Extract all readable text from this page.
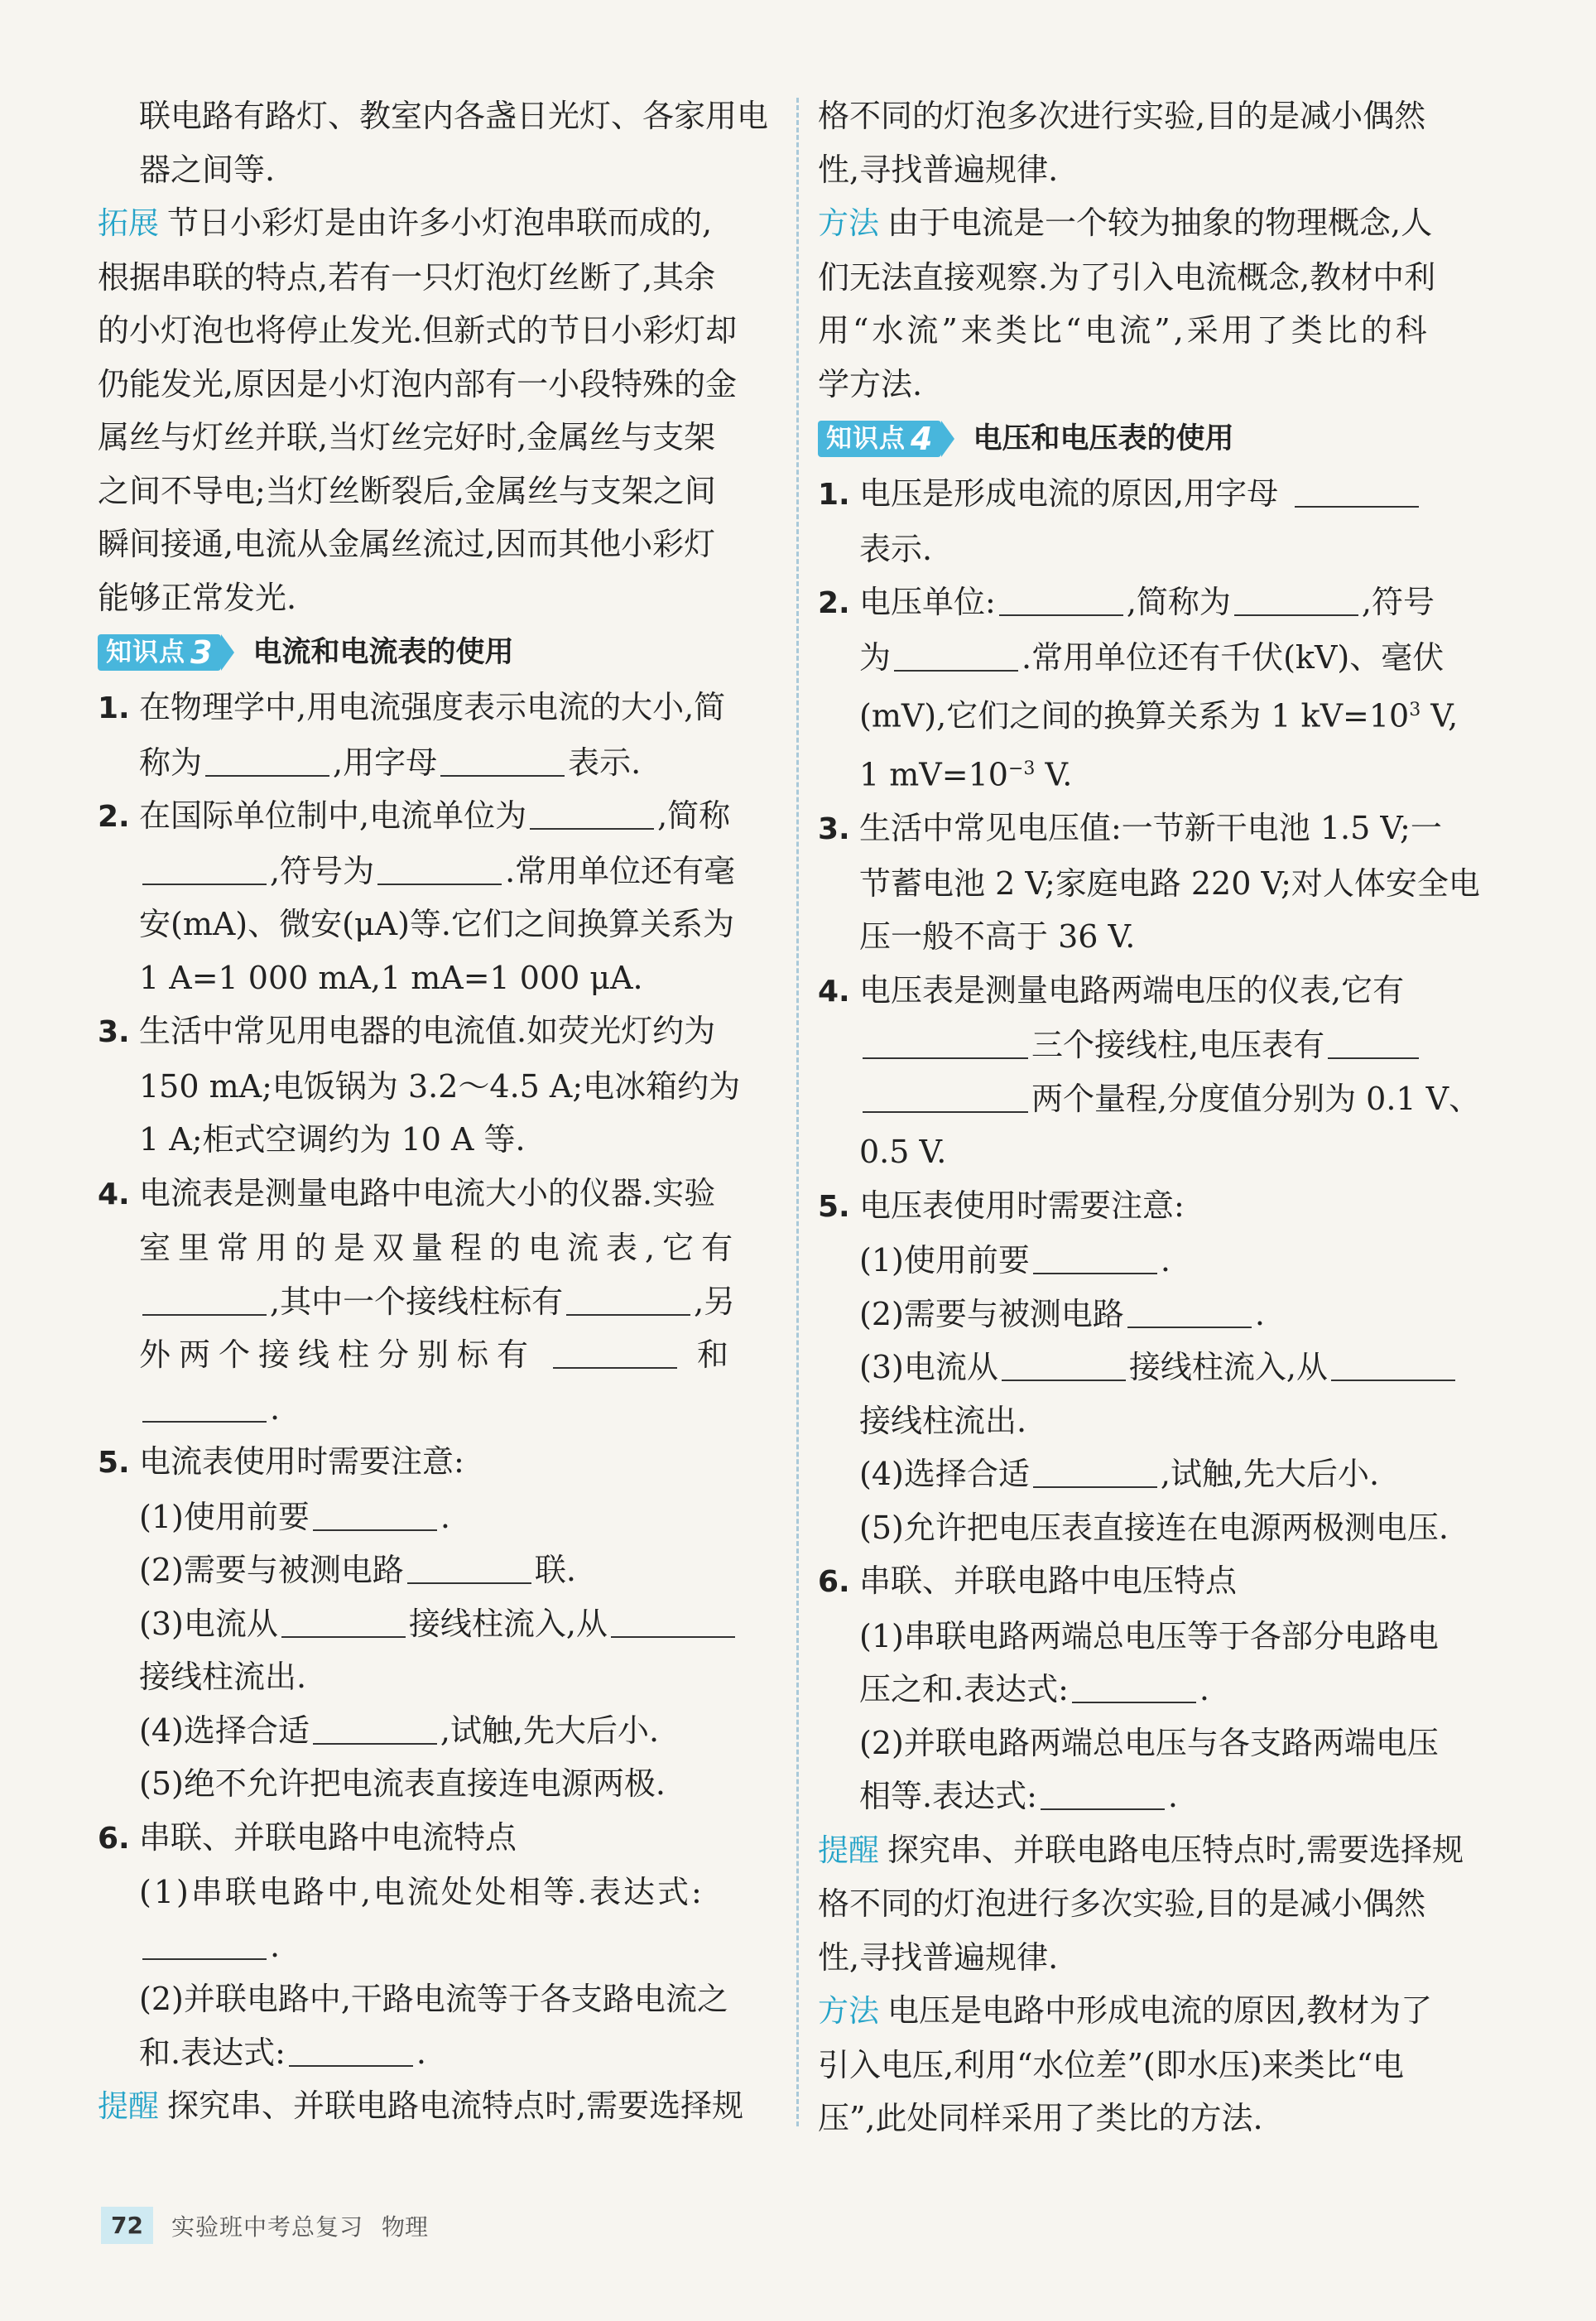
联电路有路灯、教室内各盏日光灯、各家用电
器之间等.
拓展 节日小彩灯是由许多小灯泡串联而成的,
根据串联的特点,若有一只灯泡灯丝断了,其余
的小灯泡也将停止发光.但新式的节日小彩灯却
仍能发光,原因是小灯泡内部有一小段特殊的金
属丝与灯丝并联,当灯丝完好时,金属丝与支架
之间不导电;当灯丝断裂后,金属丝与支架之间
瞬间接通,电流从金属丝流过,因而其他小彩灯
能够正常发光.
知识点 3 电流和电流表的使用
1. 在物理学中,用电流强度表示电流的大小,简
称为	,用字母	表示.
2. 在国际单位制中,电流单位为	,简称
,符号为	.常用单位还有毫
安(mA)、微安(μA)等.它们之间换算关系为
1 A=1 000 mA,1 mA=1 000 μA.
3. 生活中常见用电器的电流值.如荧光灯约为
150 mA;电饭锅为 3.2～4.5 A;电冰箱约为
1 A;柜式空调约为 10 A 等.
4. 电流表是测量电路中电流大小的仪器.实验
室里常用的是双量程的电流表,它有
,其中一个接线柱标有	,另
外两个接线柱分别标有	和
.
5. 电流表使用时需要注意:
(1)使用前要	.
(2)需要与被测电路	联.
(3)电流从	接线柱流入,从
接线柱流出.
(4)选择合适	,试触,先大后小.
(5)绝不允许把电流表直接连电源两极.
6. 串联、并联电路中电流特点
(1)串联电路中,电流处处相等.表达式:
.
(2)并联电路中,干路电流等于各支路电流之
和.表达式:	.
提醒 探究串、并联电路电流特点时,需要选择规
格不同的灯泡多次进行实验,目的是减小偶然
性,寻找普遍规律.
方法 由于电流是一个较为抽象的物理概念,人
们无法直接观察.为了引入电流概念,教材中利
用“水流”来类比“电流”,采用了类比的科
学方法.
知识点 4 电压和电压表的使用
1. 电压是形成电流的原因,用字母
表示.
2. 电压单位:	,简称为	,符号
为	.常用单位还有千伏(kV)、毫伏
(mV),它们之间的换算关系为 1 $kV=10^3$ V,
1 $mV=10^{-3}$ V.
3. 生活中常见电压值:一节新干电池 1.5 V;一
节蓄电池 2 V;家庭电路 220 V;对人体安全电
压一般不高于 36 V.
4. 电压表是测量电路两端电压的仪表,它有
三个接线柱,电压表有
两个量程,分度值分别为 0.1 V、
0.5 V.
5. 电压表使用时需要注意:
(1)使用前要	.
(2)需要与被测电路	.
(3)电流从	接线柱流入,从
接线柱流出.
(4)选择合适	,试触,先大后小.
(5)允许把电压表直接连在电源两极测电压.
6. 串联、并联电路中电压特点
(1)串联电路两端总电压等于各部分电路电
压之和.表达式:	.
(2)并联电路两端总电压与各支路两端电压
相等.表达式:	.
提醒 探究串、并联电路电压特点时,需要选择规
格不同的灯泡进行多次实验,目的是减小偶然
性,寻找普遍规律.
方法 电压是电路中形成电流的原因,教材为了
引入电压,利用“水位差”(即水压)来类比“电
压”,此处同样采用了类比的方法.
72	实验班中考总复习 物理
